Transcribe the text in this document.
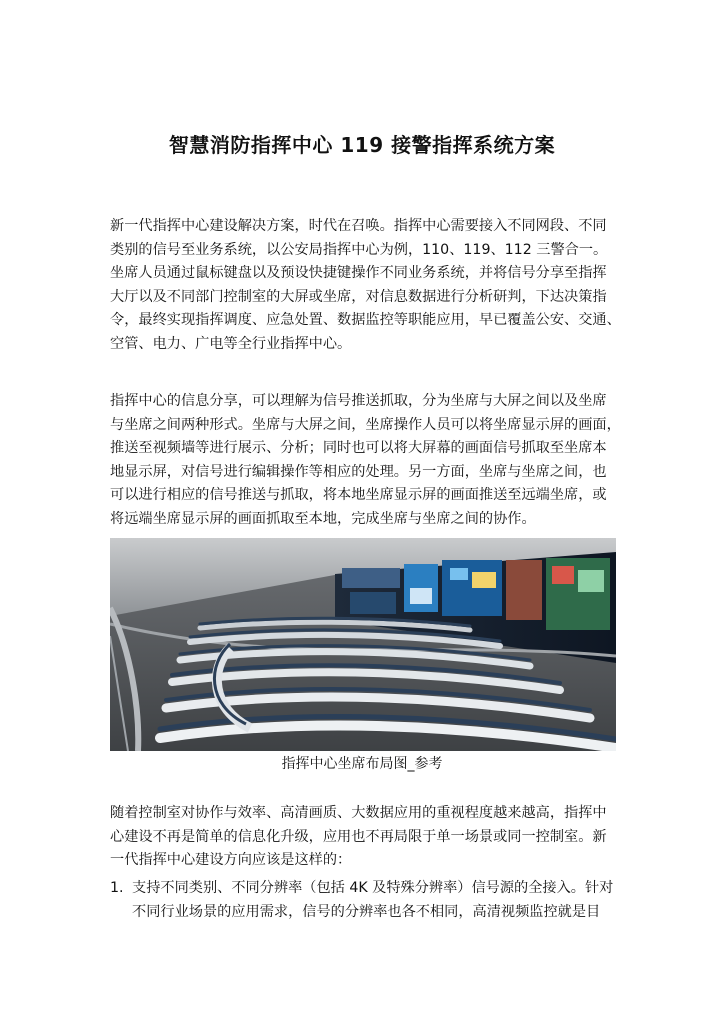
智慧消防指挥中心 119 接警指挥系统方案
新一代指挥中心建设解决方案，时代在召唤。指挥中心需要接入不同网段、不同
类别的信号至业务系统，以公安局指挥中心为例，110、119、112 三警合一。
坐席人员通过鼠标键盘以及预设快捷键操作不同业务系统，并将信号分享至指挥
大厅以及不同部门控制室的大屏或坐席，对信息数据进行分析研判，下达决策指
令，最终实现指挥调度、应急处置、数据监控等职能应用，早已覆盖公安、交通、
空管、电力、广电等全行业指挥中心。
指挥中心的信息分享，可以理解为信号推送抓取，分为坐席与大屏之间以及坐席
与坐席之间两种形式。坐席与大屏之间，坐席操作人员可以将坐席显示屏的画面，
推送至视频墙等进行展示、分析；同时也可以将大屏幕的画面信号抓取至坐席本
地显示屏，对信号进行编辑操作等相应的处理。另一方面，坐席与坐席之间，也
可以进行相应的信号推送与抓取，将本地坐席显示屏的画面推送至远端坐席，或
将远端坐席显示屏的画面抓取至本地，完成坐席与坐席之间的协作。
指挥中心坐席布局图_参考
随着控制室对协作与效率、高清画质、大数据应用的重视程度越来越高，指挥中
心建设不再是简单的信息化升级，应用也不再局限于单一场景或同一控制室。新
一代指挥中心建设方向应该是这样的：
1. 支持不同类别、不同分辨率（包括 4K 及特殊分辨率）信号源的全接入。针对
不同行业场景的应用需求，信号的分辨率也各不相同，高清视频监控就是目
